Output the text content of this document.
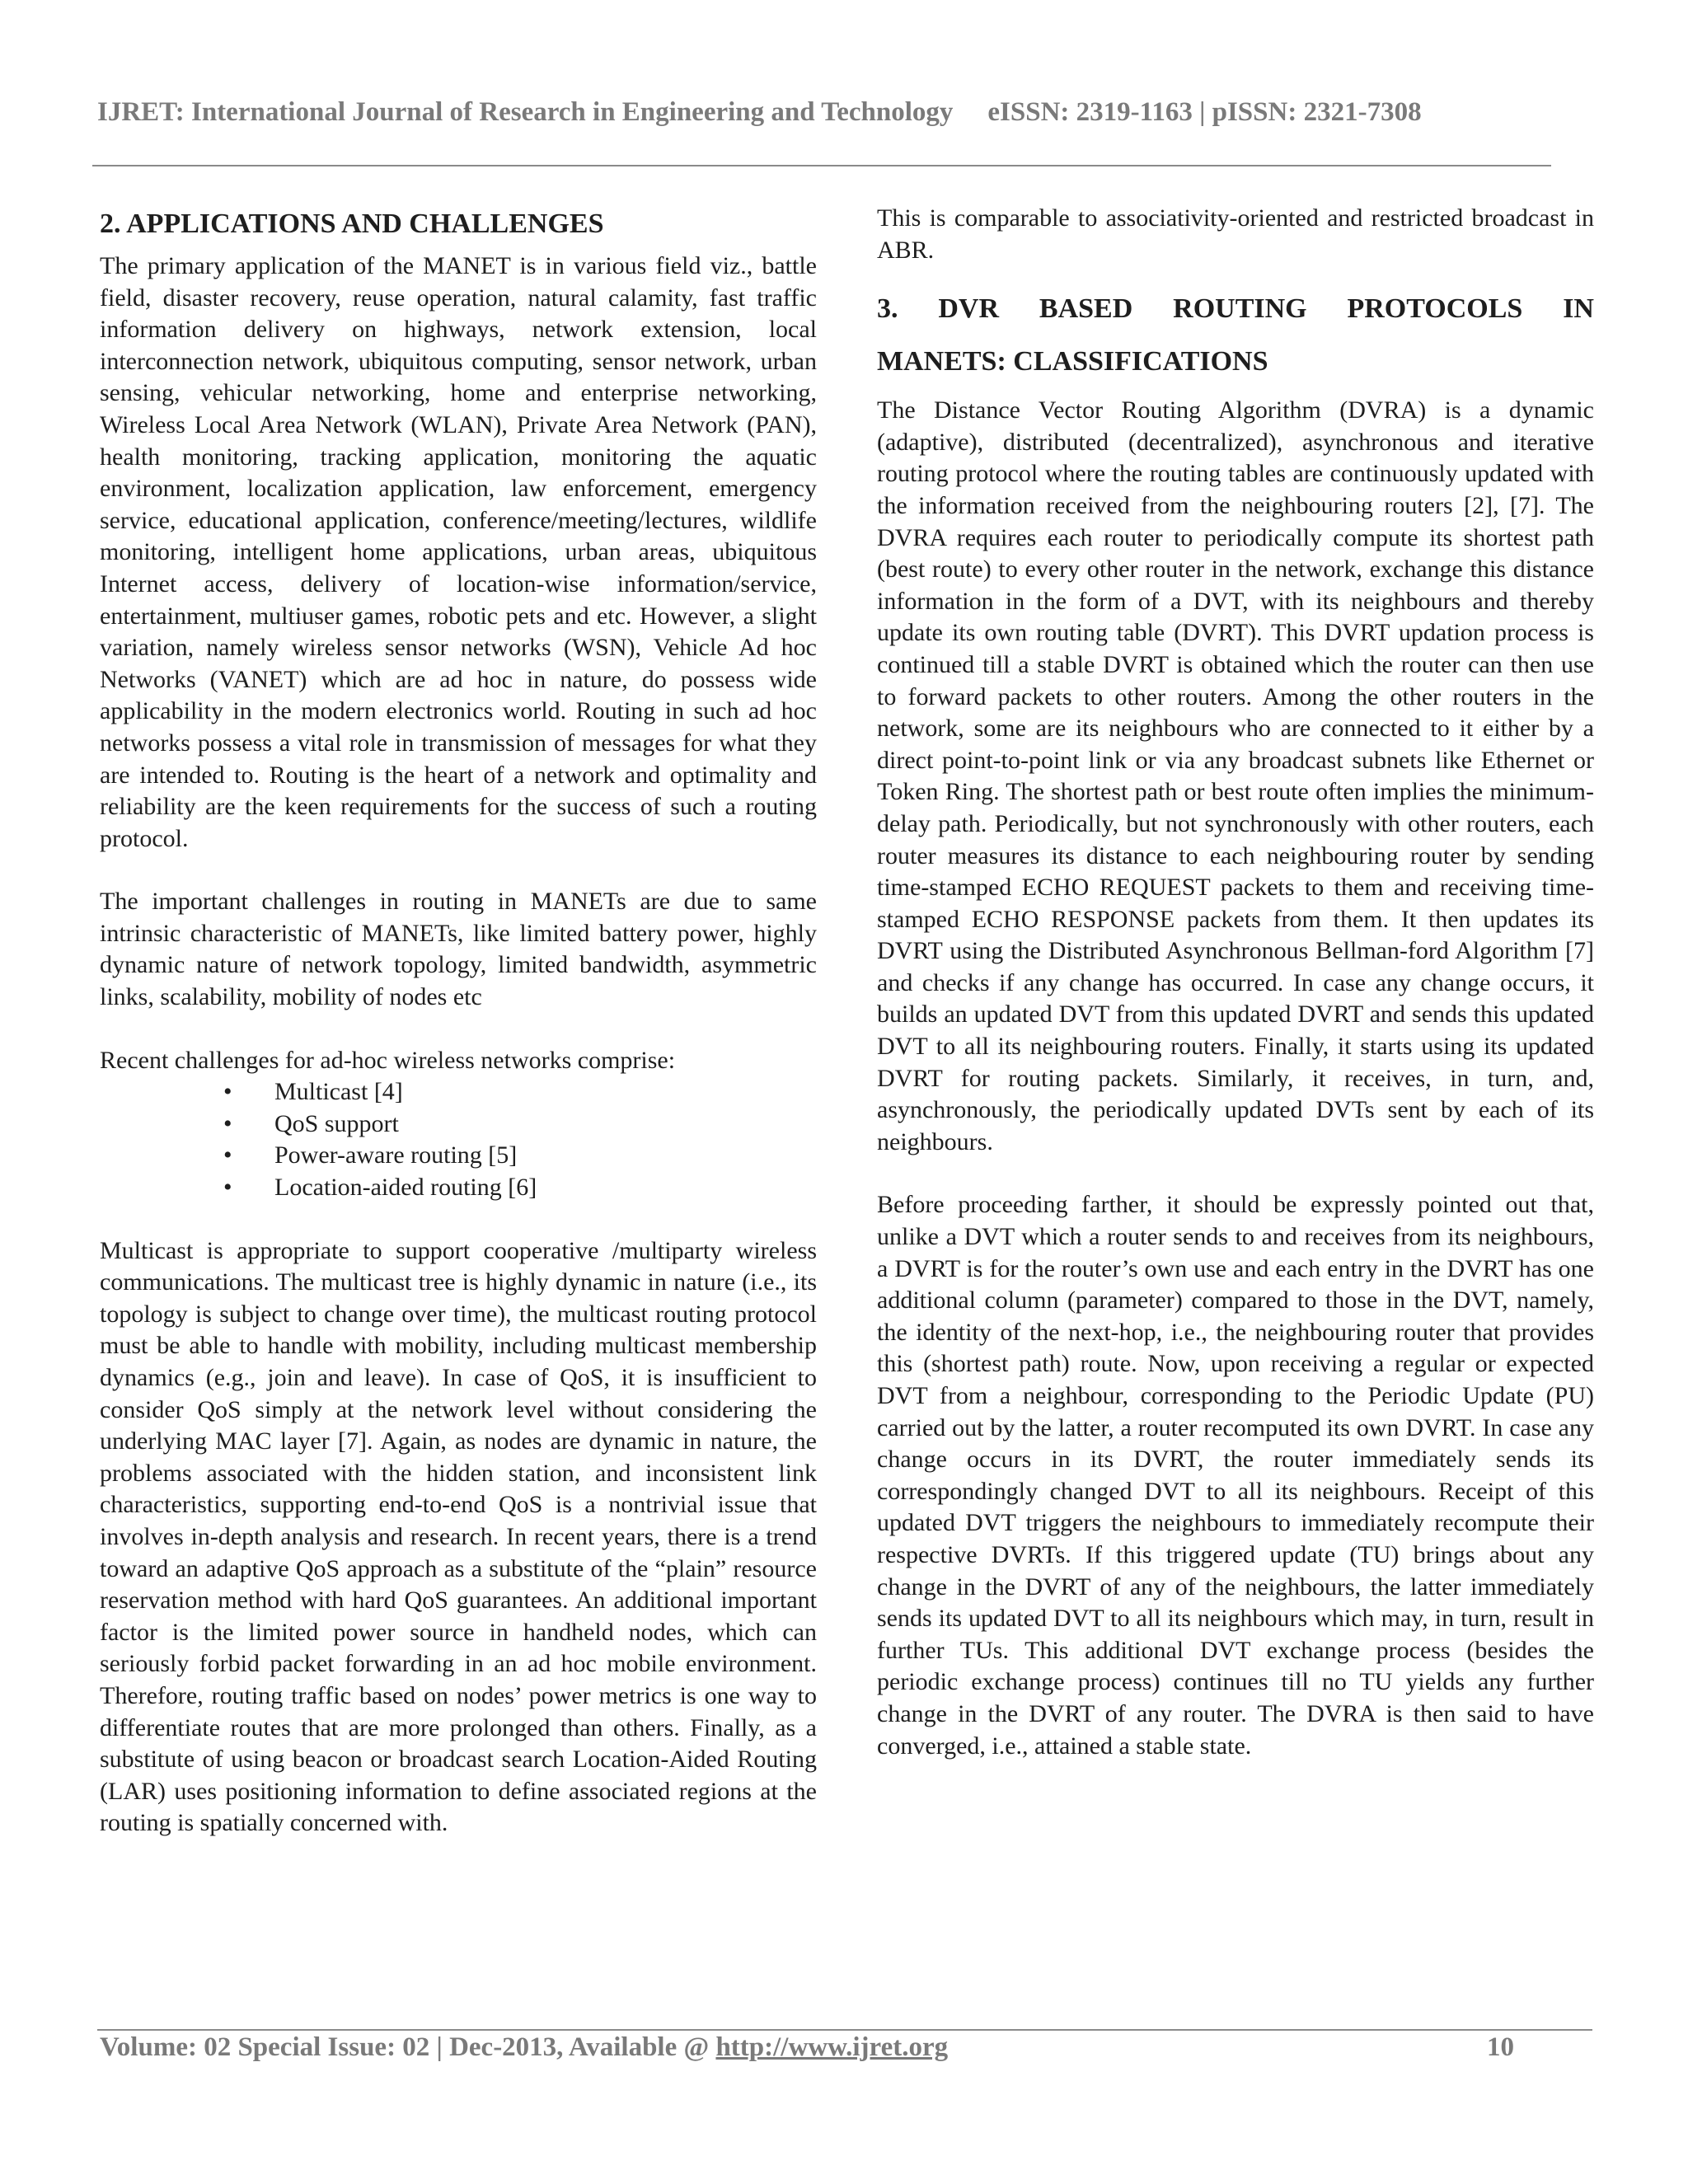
IJRET: International Journal of Research in Engineering and Technology eISSN: 2319-1163 | pISSN: 2321-7308
2. APPLICATIONS AND CHALLENGES

The primary application of the MANET is in various field viz., battle field, disaster recovery, reuse operation, natural calamity, fast traffic information delivery on highways, network extension, local interconnection network, ubiquitous computing, sensor network, urban sensing, vehicular networking, home and enterprise networking, Wireless Local Area Network (WLAN), Private Area Network (PAN), health monitoring, tracking application, monitoring the aquatic environment, localization application, law enforcement, emergency service, educational application, conference/meeting/lectures, wildlife monitoring, intelligent home applications, urban areas, ubiquitous Internet access, delivery of location-wise information/service, entertainment, multiuser games, robotic pets and etc. However, a slight variation, namely wireless sensor networks (WSN), Vehicle Ad hoc Networks (VANET) which are ad hoc in nature, do possess wide applicability in the modern electronics world. Routing in such ad hoc networks possess a vital role in transmission of messages for what they are intended to. Routing is the heart of a network and optimality and reliability are the keen requirements for the success of such a routing protocol.

The important challenges in routing in MANETs are due to same intrinsic characteristic of MANETs, like limited battery power, highly dynamic nature of network topology, limited bandwidth, asymmetric links, scalability, mobility of nodes etc

Recent challenges for ad-hoc wireless networks comprise:

• Multicast [4]
• QoS support
• Power-aware routing [5]
• Location-aided routing [6]

Multicast is appropriate to support cooperative /multiparty wireless communications. The multicast tree is highly dynamic in nature (i.e., its topology is subject to change over time), the multicast routing protocol must be able to handle with mobility, including multicast membership dynamics (e.g., join and leave). In case of QoS, it is insufficient to consider QoS simply at the network level without considering the underlying MAC layer [7]. Again, as nodes are dynamic in nature, the problems associated with the hidden station, and inconsistent link characteristics, supporting end-to-end QoS is a nontrivial issue that involves in-depth analysis and research. In recent years, there is a trend toward an adaptive QoS approach as a substitute of the “plain” resource reservation method with hard QoS guarantees. An additional important factor is the limited power source in handheld nodes, which can seriously forbid packet forwarding in an ad hoc mobile environment. Therefore, routing traffic based on nodes’ power metrics is one way to differentiate routes that are more prolonged than others. Finally, as a substitute of using beacon or broadcast search Location-Aided Routing (LAR) uses positioning information to define associated regions at the routing is spatially concerned with.

This is comparable to associativity-oriented and restricted broadcast in ABR.

3. DVR BASED ROUTING PROTOCOLS IN
MANETS: CLASSIFICATIONS

The Distance Vector Routing Algorithm (DVRA) is a dynamic (adaptive), distributed (decentralized), asynchronous and iterative routing protocol where the routing tables are continuously updated with the information received from the neighbouring routers [2], [7]. The DVRA requires each router to periodically compute its shortest path (best route) to every other router in the network, exchange this distance information in the form of a DVT, with its neighbours and thereby update its own routing table (DVRT). This DVRT updation process is continued till a stable DVRT is obtained which the router can then use to forward packets to other routers. Among the other routers in the network, some are its neighbours who are connected to it either by a direct point-to-point link or via any broadcast subnets like Ethernet or Token Ring. The shortest path or best route often implies the minimum-delay path. Periodically, but not synchronously with other routers, each router measures its distance to each neighbouring router by sending time-stamped ECHO REQUEST packets to them and receiving time-stamped ECHO RESPONSE packets from them. It then updates its DVRT using the Distributed Asynchronous Bellman-ford Algorithm [7] and checks if any change has occurred. In case any change occurs, it builds an updated DVT from this updated DVRT and sends this updated DVT to all its neighbouring routers. Finally, it starts using its updated DVRT for routing packets. Similarly, it receives, in turn, and, asynchronously, the periodically updated DVTs sent by each of its neighbours.

Before proceeding farther, it should be expressly pointed out that, unlike a DVT which a router sends to and receives from its neighbours, a DVRT is for the router’s own use and each entry in the DVRT has one additional column (parameter) compared to those in the DVT, namely, the identity of the next-hop, i.e., the neighbouring router that provides this (shortest path) route. Now, upon receiving a regular or expected DVT from a neighbour, corresponding to the Periodic Update (PU) carried out by the latter, a router recomputed its own DVRT. In case any change occurs in its DVRT, the router immediately sends its correspondingly changed DVT to all its neighbours. Receipt of this updated DVT triggers the neighbours to immediately recompute their respective DVRTs. If this triggered update (TU) brings about any change in the DVRT of any of the neighbours, the latter immediately sends its updated DVT to all its neighbours which may, in turn, result in further TUs. This additional DVT exchange process (besides the periodic exchange process) continues till no TU yields any further change in the DVRT of any router. The DVRA is then said to have converged, i.e., attained a stable state.

Volume: 02 Special Issue: 02 | Dec-2013, Available @ http://www.ijret.org	10
